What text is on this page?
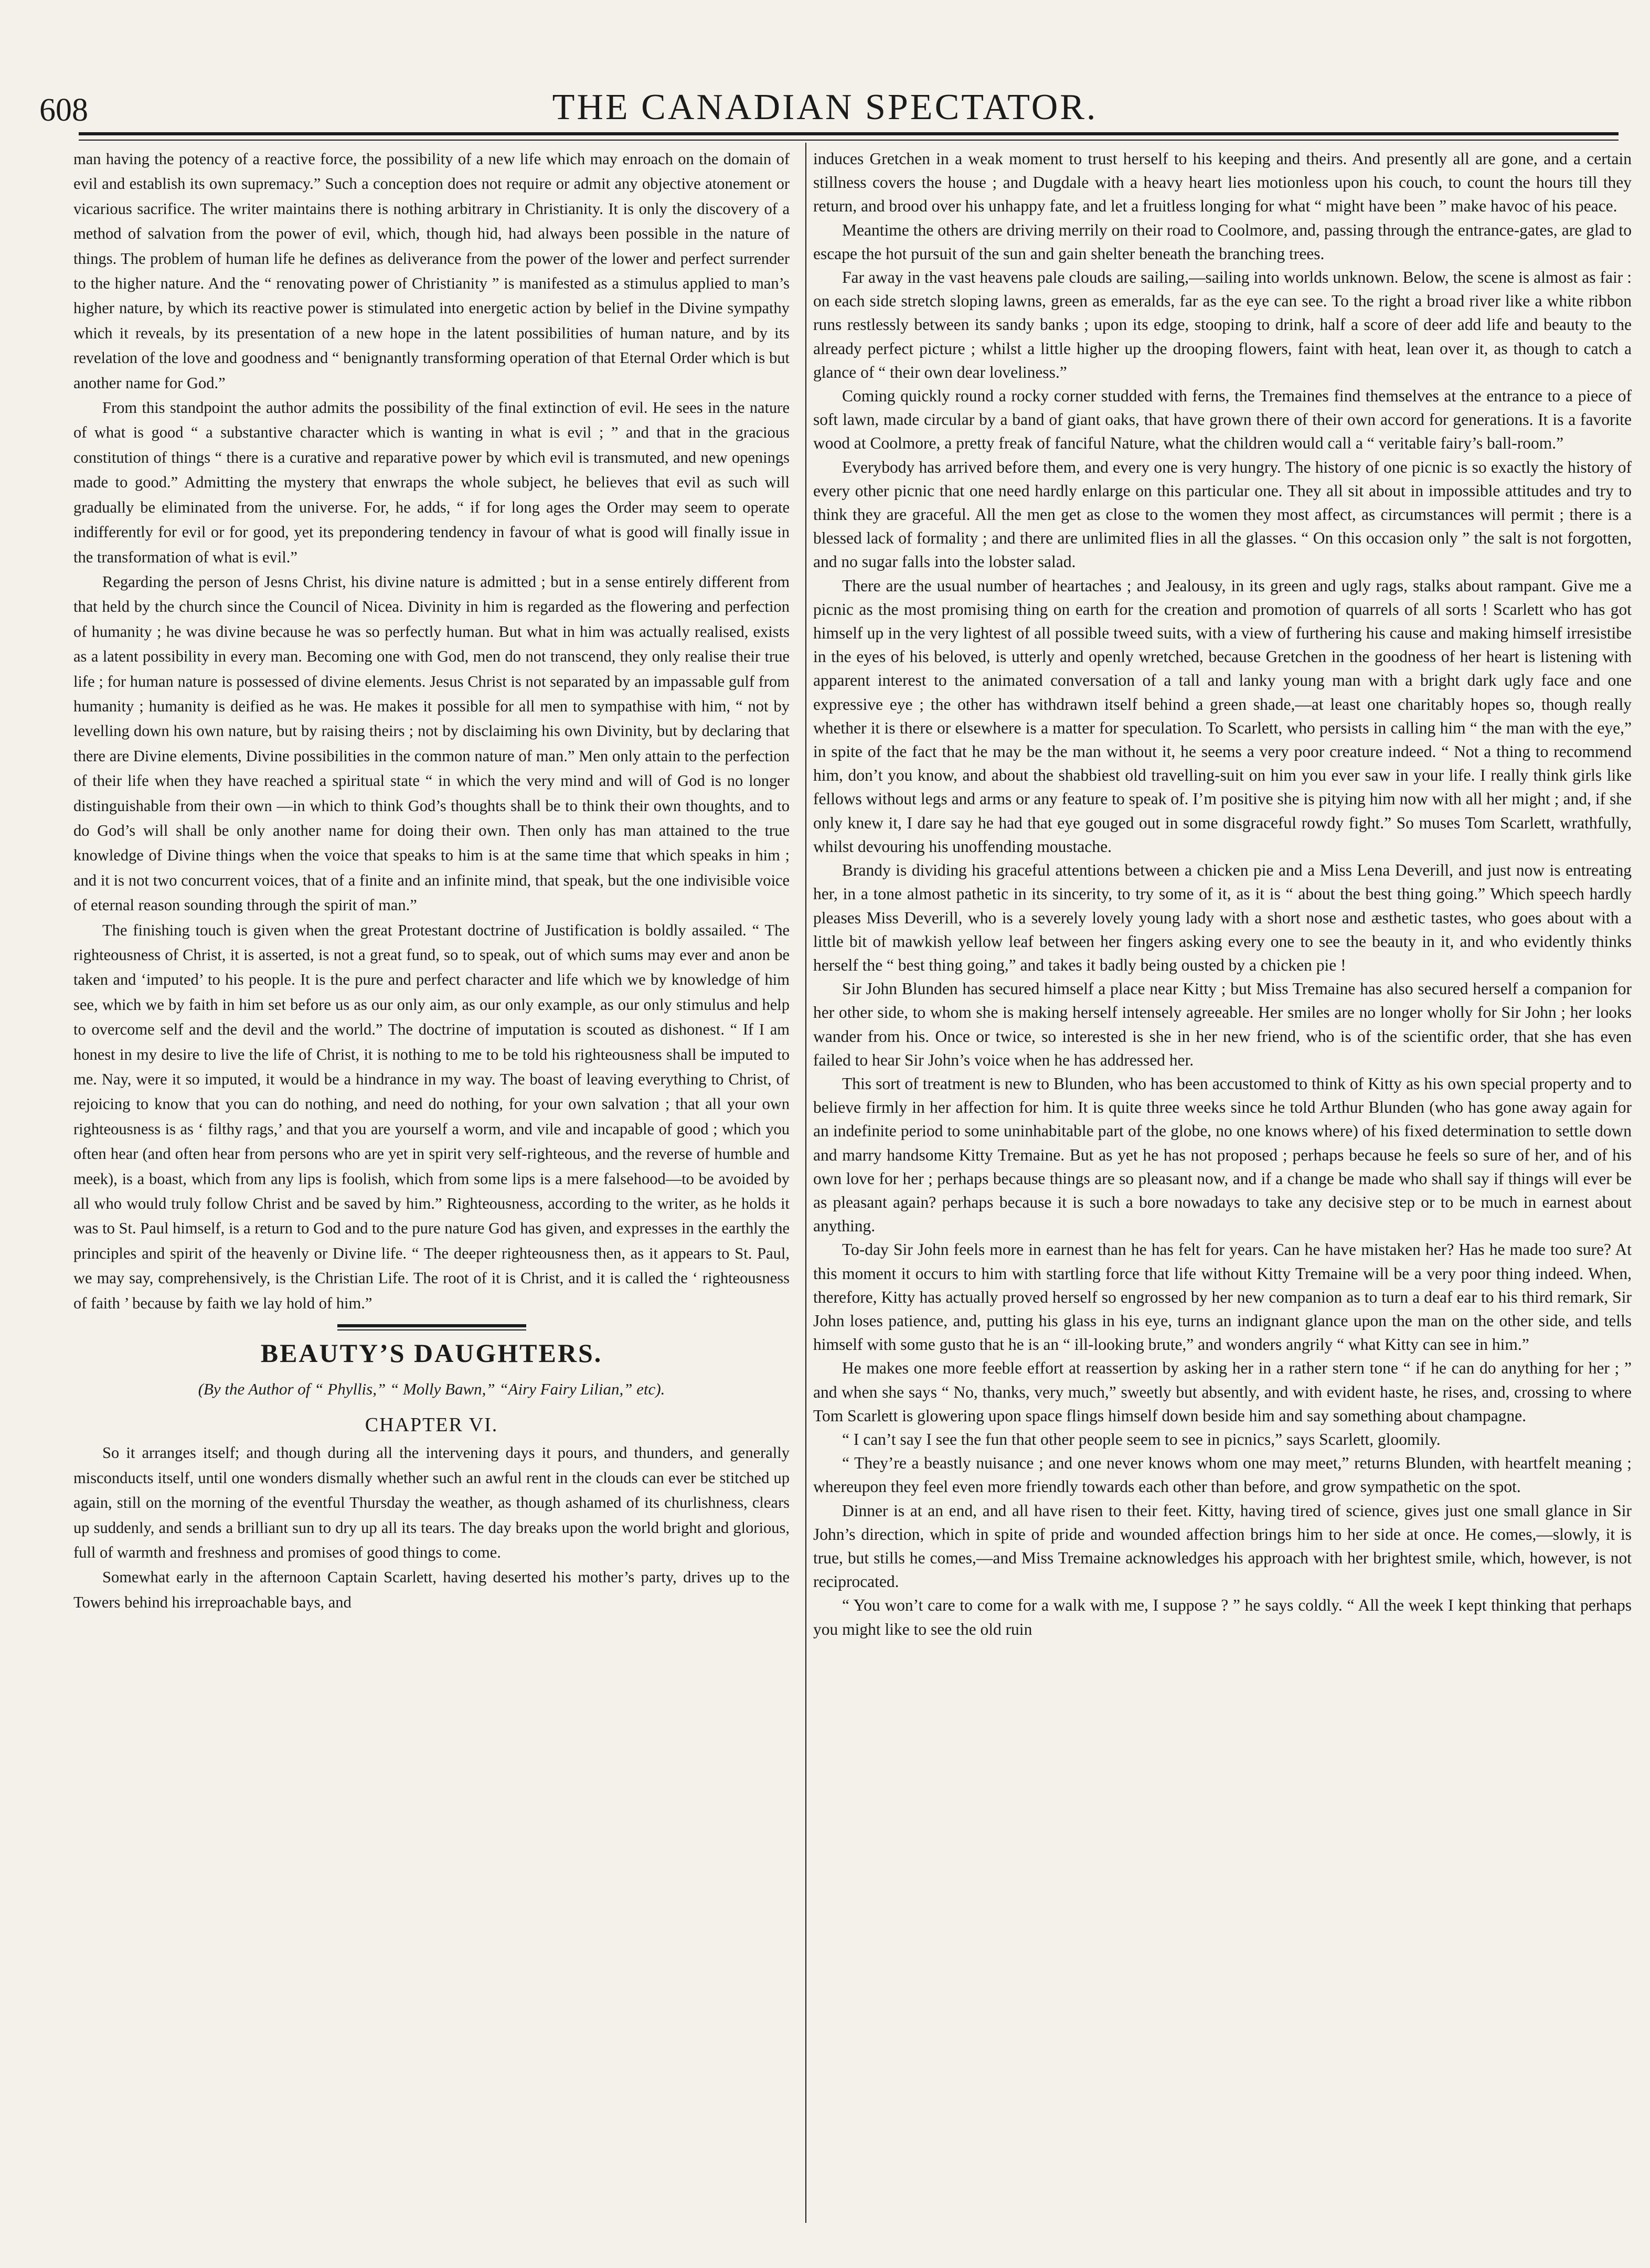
608	THE CANADIAN SPECTATOR.

man having the potency of a reactive force, the possibility of a new life which may enroach on the domain of evil and establish its own supremacy.” Such a conception does not require or admit any objective atonement or vicarious sacrifice. The writer maintains there is nothing arbitrary in Christianity. It is only the discovery of a method of salvation from the power of evil, which, though hid, had always been possible in the nature of things. The problem of human life he defines as deliverance from the power of the lower and perfect surrender to the higher nature. And the “ renovating power of Christianity ” is manifested as a stimulus applied to man’s higher nature, by which its reactive power is stimulated into energetic action by belief in the Divine sympathy which it reveals, by its presentation of a new hope in the latent possibilities of human nature, and by its revelation of the love and goodness and “ benignantly transforming operation of that Eternal Order which is but another name for God.”

From this standpoint the author admits the possibility of the final extinction of evil. He sees in the nature of what is good “ a substantive character which is wanting in what is evil ; ” and that in the gracious constitution of things “ there is a curative and reparative power by which evil is transmuted, and new openings made to good.” Admitting the mystery that enwraps the whole subject, he believes that evil as such will gradually be eliminated from the universe. For, he adds, “ if for long ages the Order may seem to operate indifferently for evil or for good, yet its prepondering tendency in favour of what is good will finally issue in the transformation of what is evil.”

Regarding the person of Jesns Christ, his divine nature is admitted ; but in a sense entirely different from that held by the church since the Council of Nicea. Divinity in him is regarded as the flowering and perfection of humanity ; he was divine because he was so perfectly human. But what in him was actually realised, exists as a latent possibility in every man. Becoming one with God, men do not transcend, they only realise their true life ; for human nature is possessed of divine elements. Jesus Christ is not separated by an impassable gulf from humanity ; humanity is deified as he was. He makes it possible for all men to sympathise with him, “ not by levelling down his own nature, but by raising theirs ; not by disclaiming his own Divinity, but by declaring that there are Divine elements, Divine possibilities in the common nature of man.” Men only attain to the perfection of their life when they have reached a spiritual state “ in which the very mind and will of God is no longer distinguishable from their own —in which to think God’s thoughts shall be to think their own thoughts, and to do God’s will shall be only another name for doing their own. Then only has man attained to the true knowledge of Divine things when the voice that speaks to him is at the same time that which speaks in him ; and it is not two concurrent voices, that of a finite and an infinite mind, that speak, but the one indivisible voice of eternal reason sounding through the spirit of man.”

The finishing touch is given when the great Protestant doctrine of Justification is boldly assailed. “ The righteousness of Christ, it is asserted, is not a great fund, so to speak, out of which sums may ever and anon be taken and ‘imputed’ to his people. It is the pure and perfect character and life which we by knowledge of him see, which we by faith in him set before us as our only aim, as our only example, as our only stimulus and help to overcome self and the devil and the world.” The doctrine of imputation is scouted as dishonest. “ If I am honest in my desire to live the life of Christ, it is nothing to me to be told his righteousness shall be imputed to me. Nay, were it so imputed, it would be a hindrance in my way. The boast of leaving everything to Christ, of rejoicing to know that you can do nothing, and need do nothing, for your own salvation ; that all your own righteousness is as ‘ filthy rags,’ and that you are yourself a worm, and vile and incapable of good ; which you often hear (and often hear from persons who are yet in spirit very self-righteous, and the reverse of humble and meek), is a boast, which from any lips is foolish, which from some lips is a mere falsehood—to be avoided by all who would truly follow Christ and be saved by him.” Righteousness, according to the writer, as he holds it was to St. Paul himself, is a return to God and to the pure nature God has given, and expresses in the earthly the principles and spirit of the heavenly or Divine life. “ The deeper righteousness then, as it appears to St. Paul, we may say, comprehensively, is the Christian Life. The root of it is Christ, and it is called the ‘ righteousness of faith ’ because by faith we lay hold of him.”

BEAUTY’S DAUGHTERS.
(By the Author of “ Phyllis,” “ Molly Bawn,” “Airy Fairy Lilian,” etc).
CHAPTER VI.

So it arranges itself; and though during all the intervening days it pours, and thunders, and generally misconducts itself, until one wonders dismally whether such an awful rent in the clouds can ever be stitched up again, still on the morning of the eventful Thursday the weather, as though ashamed of its churlishness, clears up suddenly, and sends a brilliant sun to dry up all its tears. The day breaks upon the world bright and glorious, full of warmth and freshness and promises of good things to come.

Somewhat early in the afternoon Captain Scarlett, having deserted his mother’s party, drives up to the Towers behind his irreproachable bays, and

induces Gretchen in a weak moment to trust herself to his keeping and theirs. And presently all are gone, and a certain stillness covers the house ; and Dugdale with a heavy heart lies motionless upon his couch, to count the hours till they return, and brood over his unhappy fate, and let a fruitless longing for what “ might have been ” make havoc of his peace.

Meantime the others are driving merrily on their road to Coolmore, and, passing through the entrance-gates, are glad to escape the hot pursuit of the sun and gain shelter beneath the branching trees.

Far away in the vast heavens pale clouds are sailing,—sailing into worlds unknown. Below, the scene is almost as fair : on each side stretch sloping lawns, green as emeralds, far as the eye can see. To the right a broad river like a white ribbon runs restlessly between its sandy banks ; upon its edge, stooping to drink, half a score of deer add life and beauty to the already perfect picture ; whilst a little higher up the drooping flowers, faint with heat, lean over it, as though to catch a glance of “ their own dear loveliness.”

Coming quickly round a rocky corner studded with ferns, the Tremaines find themselves at the entrance to a piece of soft lawn, made circular by a band of giant oaks, that have grown there of their own accord for generations. It is a favorite wood at Coolmore, a pretty freak of fanciful Nature, what the children would call a “ veritable fairy’s ball-room.”

Everybody has arrived before them, and every one is very hungry. The history of one picnic is so exactly the history of every other picnic that one need hardly enlarge on this particular one. They all sit about in impossible attitudes and try to think they are graceful. All the men get as close to the women they most affect, as circumstances will permit ; there is a blessed lack of formality ; and there are unlimited flies in all the glasses. “ On this occasion only ” the salt is not forgotten, and no sugar falls into the lobster salad.

There are the usual number of heartaches ; and Jealousy, in its green and ugly rags, stalks about rampant. Give me a picnic as the most promising thing on earth for the creation and promotion of quarrels of all sorts ! Scarlett who has got himself up in the very lightest of all possible tweed suits, with a view of furthering his cause and making himself irresistibe in the eyes of his beloved, is utterly and openly wretched, because Gretchen in the goodness of her heart is listening with apparent interest to the animated conversation of a tall and lanky young man with a bright dark ugly face and one expressive eye ; the other has withdrawn itself behind a green shade,—at least one charitably hopes so, though really whether it is there or elsewhere is a matter for speculation. To Scarlett, who persists in calling him “ the man with the eye,” in spite of the fact that he may be the man without it, he seems a very poor creature indeed. “ Not a thing to recommend him, don’t you know, and about the shabbiest old travelling-suit on him you ever saw in your life. I really think girls like fellows without legs and arms or any feature to speak of. I’m positive she is pitying him now with all her might ; and, if she only knew it, I dare say he had that eye gouged out in some disgraceful rowdy fight.” So muses Tom Scarlett, wrathfully, whilst devouring his unoffending moustache.

Brandy is dividing his graceful attentions between a chicken pie and a Miss Lena Deverill, and just now is entreating her, in a tone almost pathetic in its sincerity, to try some of it, as it is “ about the best thing going.” Which speech hardly pleases Miss Deverill, who is a severely lovely young lady with a short nose and æsthetic tastes, who goes about with a little bit of mawkish yellow leaf between her fingers asking every one to see the beauty in it, and who evidently thinks herself the “ best thing going,” and takes it badly being ousted by a chicken pie !

Sir John Blunden has secured himself a place near Kitty ; but Miss Tremaine has also secured herself a companion for her other side, to whom she is making herself intensely agreeable. Her smiles are no longer wholly for Sir John ; her looks wander from his. Once or twice, so interested is she in her new friend, who is of the scientific order, that she has even failed to hear Sir John’s voice when he has addressed her.

This sort of treatment is new to Blunden, who has been accustomed to think of Kitty as his own special property and to believe firmly in her affection for him. It is quite three weeks since he told Arthur Blunden (who has gone away again for an indefinite period to some uninhabitable part of the globe, no one knows where) of his fixed determination to settle down and marry handsome Kitty Tremaine. But as yet he has not proposed ; perhaps because he feels so sure of her, and of his own love for her ; perhaps because things are so pleasant now, and if a change be made who shall say if things will ever be as pleasant again? perhaps because it is such a bore nowadays to take any decisive step or to be much in earnest about anything.

To-day Sir John feels more in earnest than he has felt for years. Can he have mistaken her? Has he made too sure? At this moment it occurs to him with startling force that life without Kitty Tremaine will be a very poor thing indeed. When, therefore, Kitty has actually proved herself so engrossed by her new companion as to turn a deaf ear to his third remark, Sir John loses patience, and, putting his glass in his eye, turns an indignant glance upon the man on the other side, and tells himself with some gusto that he is an “ ill-looking brute,” and wonders angrily “ what Kitty can see in him.”

He makes one more feeble effort at reassertion by asking her in a rather stern tone “ if he can do anything for her ; ” and when she says “ No, thanks, very much,” sweetly but absently, and with evident haste, he rises, and, crossing to where Tom Scarlett is glowering upon space flings himself down beside him and say something about champagne.

“ I can’t say I see the fun that other people seem to see in picnics,” says Scarlett, gloomily.

“ They’re a beastly nuisance ; and one never knows whom one may meet,” returns Blunden, with heartfelt meaning ; whereupon they feel even more friendly towards each other than before, and grow sympathetic on the spot.

Dinner is at an end, and all have risen to their feet. Kitty, having tired of science, gives just one small glance in Sir John’s direction, which in spite of pride and wounded affection brings him to her side at once. He comes,—slowly, it is true, but stills he comes,—and Miss Tremaine acknowledges his approach with her brightest smile, which, however, is not reciprocated.

“ You won’t care to come for a walk with me, I suppose ? ” he says coldly. “ All the week I kept thinking that perhaps you might like to see the old ruin
